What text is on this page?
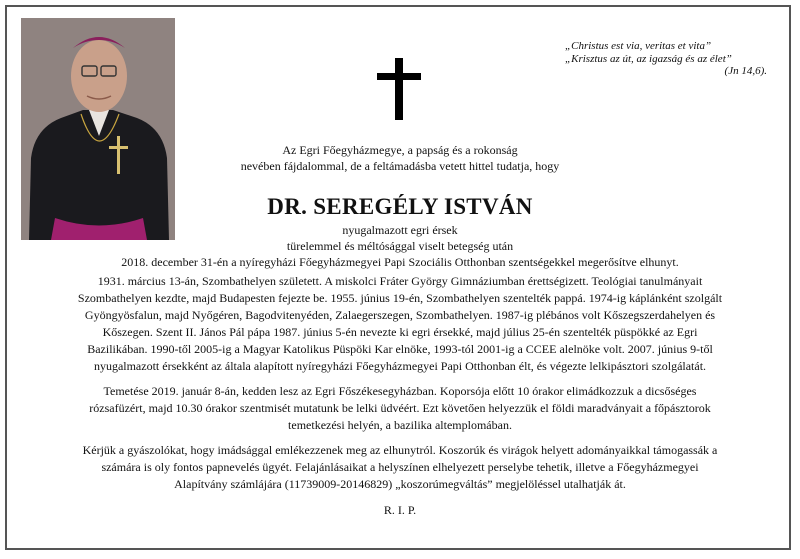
„Christus est via, veritas et vita”
„Krisztus az út, az igazság és az élet”
(Jn 14,6).
Az Egri Főegyházmegye, a papság és a rokonság
nevében fájdalommal, de a feltámadásba vetett hittel tudatja, hogy
DR. SEREGÉLY ISTVÁN
nyugalmazott egri érsek
türelemmel és méltósággal viselt betegség után
2018. december 31-én a nyíregyházi Főegyházmegyei Papi Szociális Otthonban szentségekkel megerősítve elhunyt.
1931. március 13-án, Szombathelyen született. A miskolci Fráter György Gimnáziumban érettségizett. Teológiai tanulmányait
Szombathelyen kezdte, majd Budapesten fejezte be. 1955. június 19-én, Szombathelyen szentelték pappá. 1974-ig káplánként szolgált
Gyöngyösfalun, majd Nyőgéren, Bagodvitenyéden, Zalaegerszegen, Szombathelyen. 1987-ig plébános volt Kőszegszerdahelyen és
Kőszegen. Szent II. János Pál pápa 1987. június 5-én nevezte ki egri érsekké, majd július 25-én szentelték püspökké az Egri
Bazilikában. 1990-től 2005-ig a Magyar Katolikus Püspöki Kar elnöke, 1993-tól 2001-ig a CCEE alelnöke volt. 2007. június 9-től
nyugalmazott érsekként az általa alapított nyíregyházi Főegyházmegyei Papi Otthonban élt, és végezte lelkipásztori szolgálatát.
Temetése 2019. január 8-án, kedden lesz az Egri Főszékesegyházban. Koporsója előtt 10 órakor elimádkozzuk a dicsőséges
rózsafüzért, majd 10.30 órakor szentmisét mutatunk be lelki üdvéért. Ezt követően helyezzük el földi maradványait a főpásztorok
temetkezési helyén, a bazilika altemplomában.
Kérjük a gyászolókat, hogy imádsággal emlékezzenek meg az elhunytról. Koszorúk és virágok helyett adományaikkal támogassák a
számára is oly fontos papnevelés ügyét. Felajánlásaikat a helyszínen elhelyezett perselybe tehetik, illetve a Főegyházmegyei
Alapítvány számlájára (11739009-20146829) „koszorúmegváltás” megjelöléssel utalhatják át.
R. I. P.
